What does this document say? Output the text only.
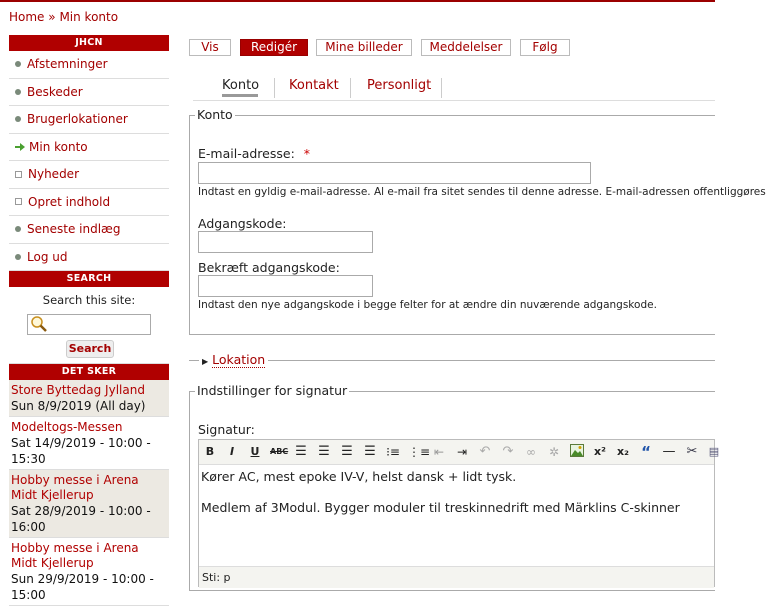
Home » Min konto
JHCN
Afstemninger
Beskeder
Brugerlokationer
Min konto
Nyheder
Opret indhold
Seneste indlæg
Log ud
SEARCH
Search this site:
Search
DET SKER
Store Byttedag Jylland
Sun 8/9/2019 (All day)
Modeltogs-Messen
Sat 14/9/2019 - 10:00 - 15:30
Hobby messe i Arena Midt Kjellerup
Sat 28/9/2019 - 10:00 - 16:00
Hobby messe i Arena Midt Kjellerup
Sun 29/9/2019 - 10:00 - 15:00
Vis	Redigér	Mine billeder	Meddelelser	Følg
Konto Kontakt Personligt
Konto
E-mail-adresse: *
Indtast en gyldig e-mail-adresse. Al e-mail fra sitet sendes til denne adresse. E-mail-adressen offentliggøres
Adgangskode:
Bekræft adgangskode:
Indtast den nye adgangskode i begge felter for at ændre din nuværende adgangskode.
▶ Lokation
Indstillinger for signatur
Signatur:
B	I	U	ABC ☰ ☰ ☰ ☰ ⁝≡ ⋮≡ ⇤ ⇥ ↶ ↷ ∞ ✲	x² x₂ “ — ✂ ▤

Kører AC, mest epoke IV-V, helst dansk + lidt tysk.

Medlem af 3Modul. Bygger moduler til treskinnedrift med Märklins C-skinner

Sti: p
